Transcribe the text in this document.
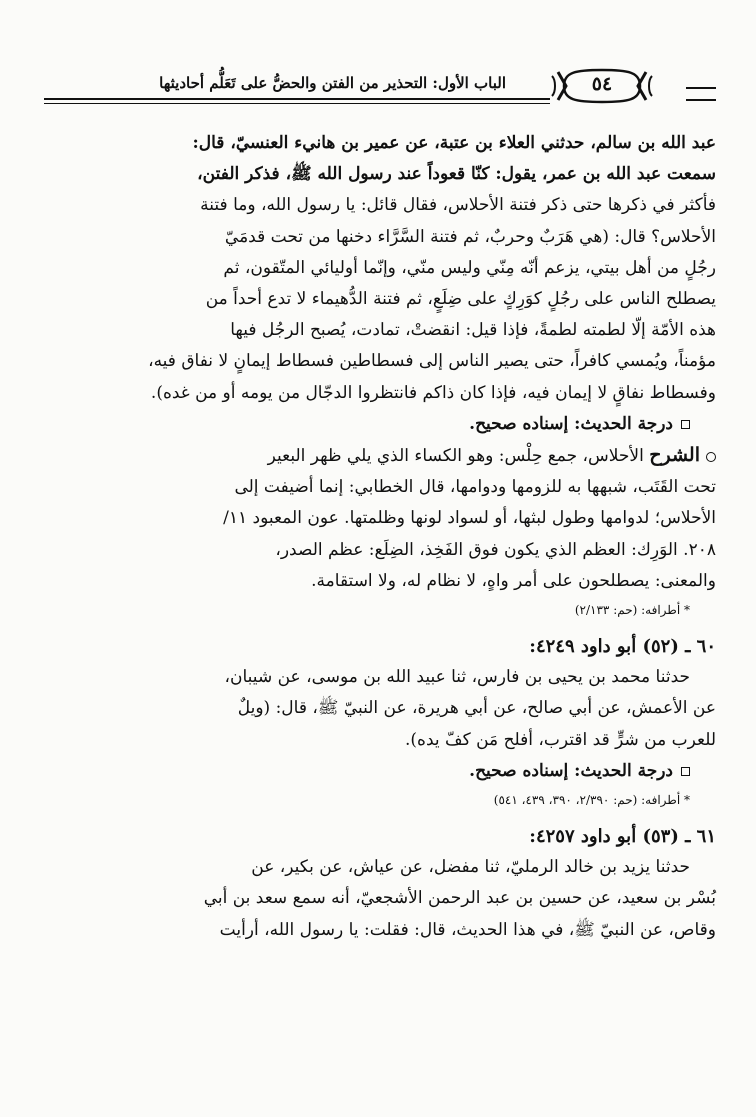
الباب الأول: التحذير من الفتن والحضُّ على تَعَلُّم أحاديثها	٥٤

عبد الله بن سالم، حدثني العلاء بن عتبة، عن عمير بن هانيء العنسيّ، قال:

سمعت عبد الله بن عمر، يقول: كنّا قعوداً عند رسول الله ﷺ، فذكر الفتن،

فأكثر في ذكرها حتى ذكر فتنة الأحلاس، فقال قائل: يا رسول الله، وما فتنة

الأحلاس؟ قال: (هي هَرَبٌ وحربٌ، ثم فتنة السَّرَّاء دخنها من تحت قدمَيّ

رجُلٍ من أهل بيتي، يزعم أنّه مِنّي وليس منّي، وإنّما أوليائي المتّقون، ثم

يصطلح الناس على رجُلٍ كوَرِكٍ على ضِلَعٍ، ثم فتنة الدُّهيماء لا تدع أحداً من

هذه الأمّة إلّا لطمته لطمةً، فإذا قيل: انقضتْ، تمادت، يُصبح الرجُل فيها

مؤمناً، ويُمسي كافراً، حتى يصير الناس إلى فسطاطين فسطاط إيمانٍ لا نفاق فيه،

وفسطاط نفاقٍ لا إيمان فيه، فإذا كان ذاكم فانتظروا الدجّال من يومه أو من غده).

درجة الحديث: إسناده صحيح.

الشرح الأحلاس، جمع حِلْس: وهو الكساء الذي يلي ظهر البعير

تحت القَتَب، شبهها به للزومها ودوامها، قال الخطابي: إنما أضيفت إلى

الأحلاس؛ لدوامها وطول لبثها، أو لسواد لونها وظلمتها. عون المعبود ١١/

٢٠٨. الوَرِك: العظم الذي يكون فوق الفَخِذ، الضِلَع: عظم الصدر،

والمعنى: يصطلحون على أمر واهٍ، لا نظام له، ولا استقامة.

* أطرافه: (حم: ٢/١٣٣)

٦٠ ـ (٥٢) أبو داود ٤٢٤٩:

حدثنا محمد بن يحيى بن فارس، ثنا عبيد الله بن موسى، عن شيبان،

عن الأعمش، عن أبي صالح، عن أبي هريرة، عن النبيّ ﷺ، قال: (ويلٌ

للعرب من شرٍّ قد اقترب، أفلح مَن كفّ يده).

درجة الحديث: إسناده صحيح.

* أطرافه: (حم: ٢/٣٩٠، ٣٩٠، ٤٣٩، ٥٤١)

٦١ ـ (٥٣) أبو داود ٤٢٥٧:

حدثنا يزيد بن خالد الرمليّ، ثنا مفضل، عن عياش، عن بكير، عن

بُسْر بن سعيد، عن حسين بن عبد الرحمن الأشجعيّ، أنه سمع سعد بن أبي

وقاص، عن النبيّ ﷺ، في هذا الحديث، قال: فقلت: يا رسول الله، أرأيت
